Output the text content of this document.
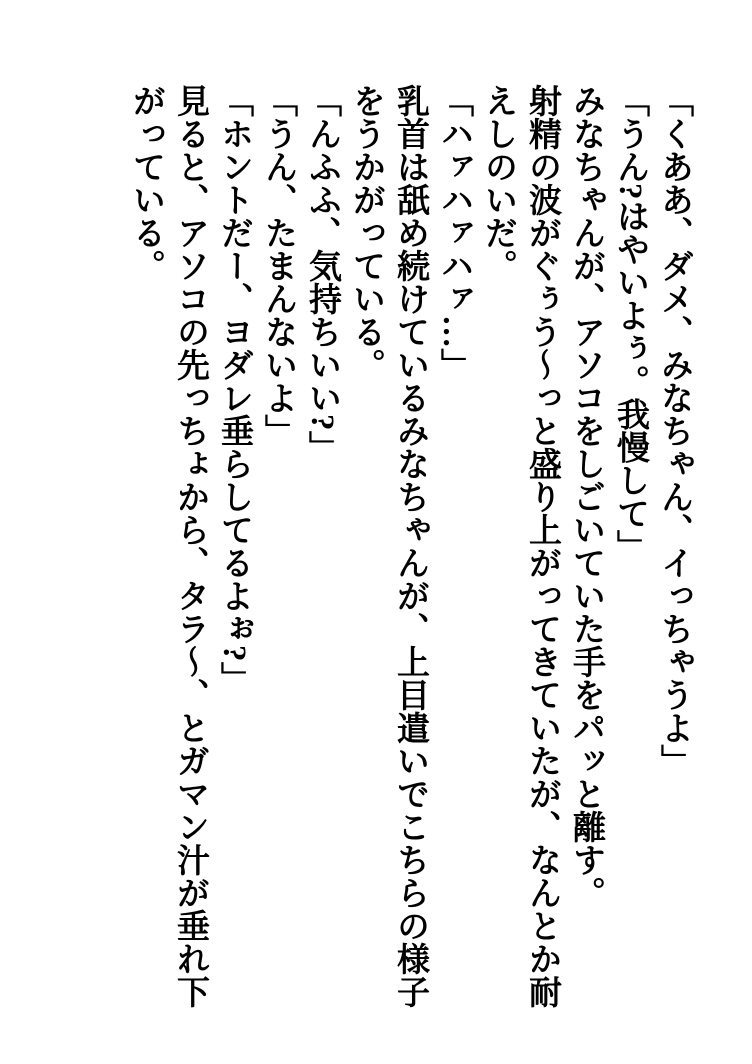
「くああ、ダメ、みなちゃん、イっちゃうよ」
「うん?はやいよぅ。我慢して」
みなちゃんが、アソコをしごいていた手をパッと離す。
射精の波がぐぅう〜っと盛り上がってきていたが、なんとか耐
えしのいだ。
「ハァハァハァ…」
乳首は舐め続けているみなちゃんが、上目遣いでこちらの様子
をうかがっている。
「んふふ、気持ちいい?」
「うん、たまんないよ」
「ホントだー、ヨダレ垂らしてるよぉ?」
見ると、アソコの先っちょから、タラ〜、とガマン汁が垂れ下
がっている。
